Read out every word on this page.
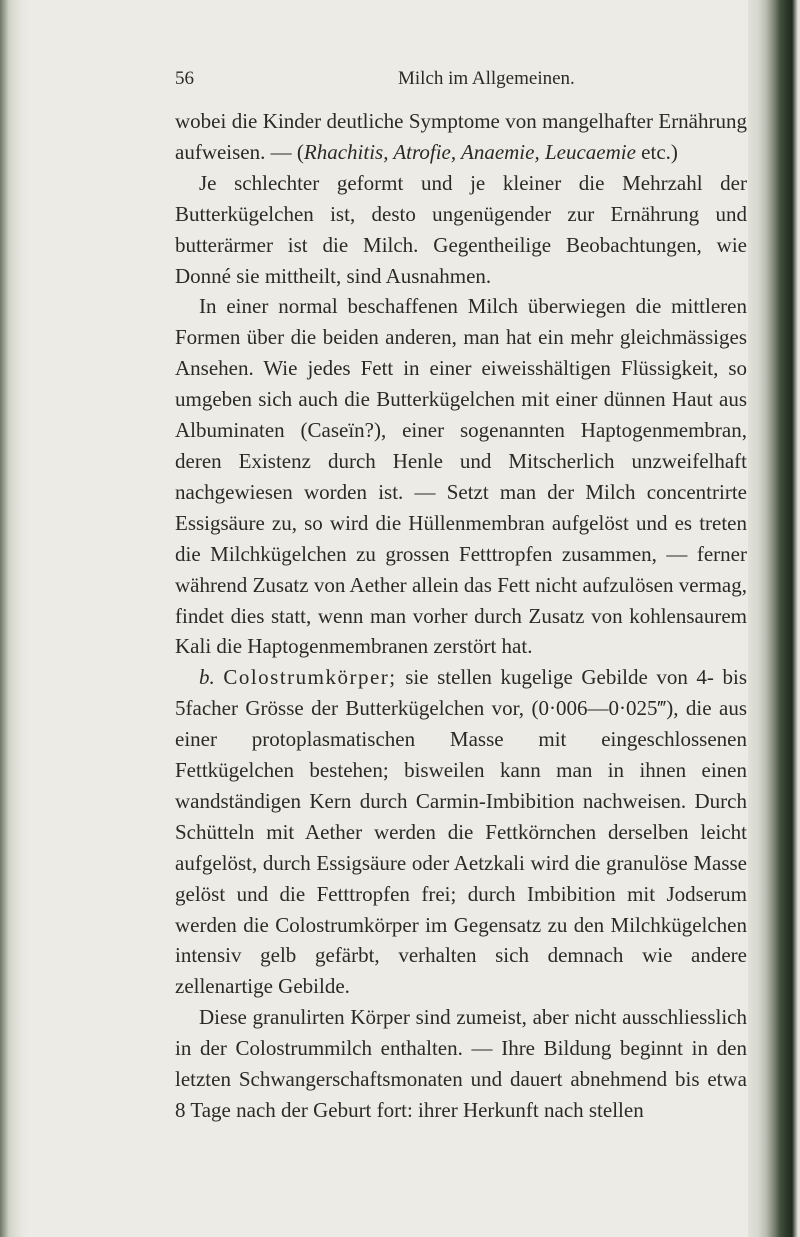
56	Milch im Allgemeinen.

wobei die Kinder deutliche Symptome von mangelhafter Ernährung aufweisen. — (Rhachitis, Atrofie, Anaemie, Leucaemie etc.)

Je schlechter geformt und je kleiner die Mehrzahl der Butterkügelchen ist, desto ungenügender zur Ernährung und butterärmer ist die Milch. Gegentheilige Beobachtungen, wie Donné sie mittheilt, sind Ausnahmen.

In einer normal beschaffenen Milch überwiegen die mittleren Formen über die beiden anderen, man hat ein mehr gleichmässiges Ansehen. Wie jedes Fett in einer eiweisshältigen Flüssigkeit, so umgeben sich auch die Butterkügelchen mit einer dünnen Haut aus Albuminaten (Caseïn?), einer sogenannten Haptogenmembran, deren Existenz durch Henle und Mitscherlich unzweifelhaft nachgewiesen worden ist. — Setzt man der Milch concentrirte Essigsäure zu, so wird die Hüllenmembran aufgelöst und es treten die Milchkügelchen zu grossen Fetttropfen zusammen, — ferner während Zusatz von Aether allein das Fett nicht aufzulösen vermag, findet dies statt, wenn man vorher durch Zusatz von kohlensaurem Kali die Haptogenmembranen zerstört hat.

b. Colostrumkörper; sie stellen kugelige Gebilde von 4- bis 5facher Grösse der Butterkügelchen vor, (0·006—0·025‴), die aus einer protoplasmatischen Masse mit eingeschlossenen Fettkügelchen bestehen; bisweilen kann man in ihnen einen wandständigen Kern durch Carmin-Imbibition nachweisen. Durch Schütteln mit Aether werden die Fettkörnchen derselben leicht aufgelöst, durch Essigsäure oder Aetzkali wird die granulöse Masse gelöst und die Fetttropfen frei; durch Imbibition mit Jodserum werden die Colostrumkörper im Gegensatz zu den Milchkügelchen intensiv gelb gefärbt, verhalten sich demnach wie andere zellenartige Gebilde.

Diese granulirten Körper sind zumeist, aber nicht ausschliesslich in der Colostrummilch enthalten. — Ihre Bildung beginnt in den letzten Schwangerschaftsmonaten und dauert abnehmend bis etwa 8 Tage nach der Geburt fort: ihrer Herkunft nach stellen
